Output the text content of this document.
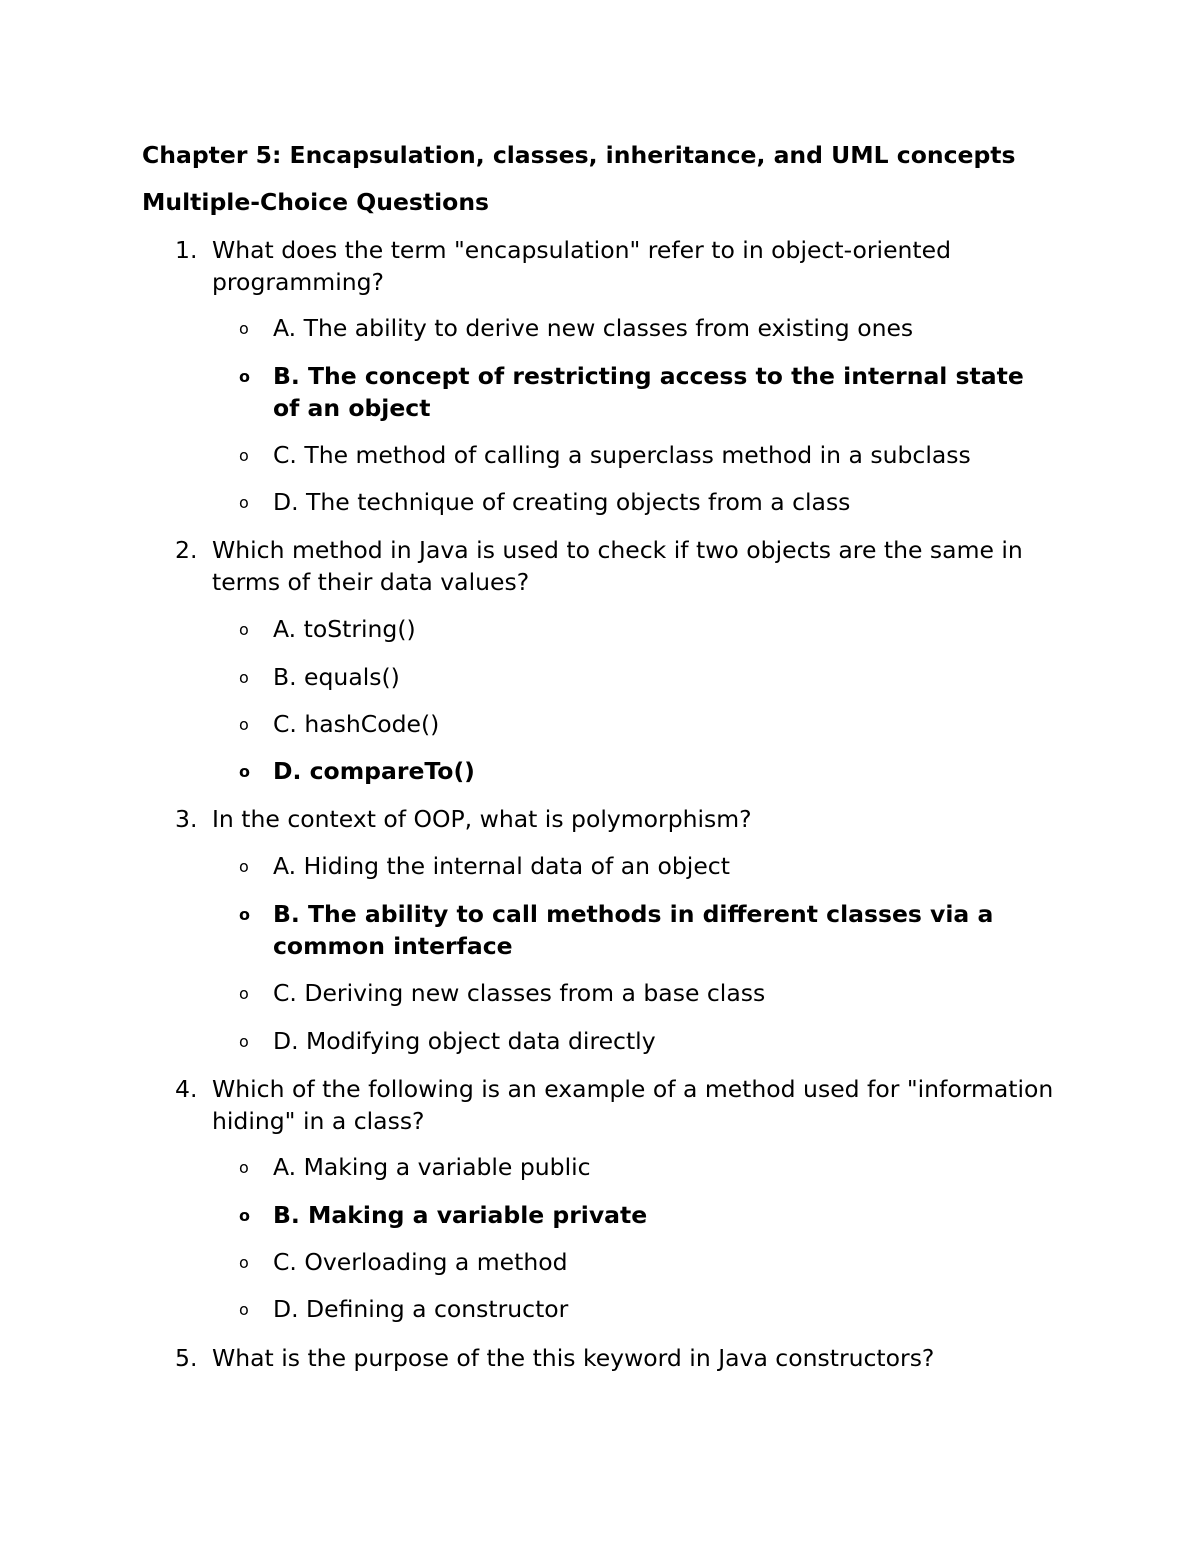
Chapter 5: Encapsulation, classes, inheritance, and UML concepts
Multiple-Choice Questions
1. What does the term "encapsulation" refer to in object-oriented
programming?
o A. The ability to derive new classes from existing ones
o B. The concept of restricting access to the internal state
of an object
o C. The method of calling a superclass method in a subclass
o D. The technique of creating objects from a class
2. Which method in Java is used to check if two objects are the same in
terms of their data values?
o A. toString()
o B. equals()
o C. hashCode()
o D. compareTo()
3. In the context of OOP, what is polymorphism?
o A. Hiding the internal data of an object
o B. The ability to call methods in different classes via a
common interface
o C. Deriving new classes from a base class
o D. Modifying object data directly
4. Which of the following is an example of a method used for "information
hiding" in a class?
o A. Making a variable public
o B. Making a variable private
o C. Overloading a method
o D. Defining a constructor
5. What is the purpose of the this keyword in Java constructors?
